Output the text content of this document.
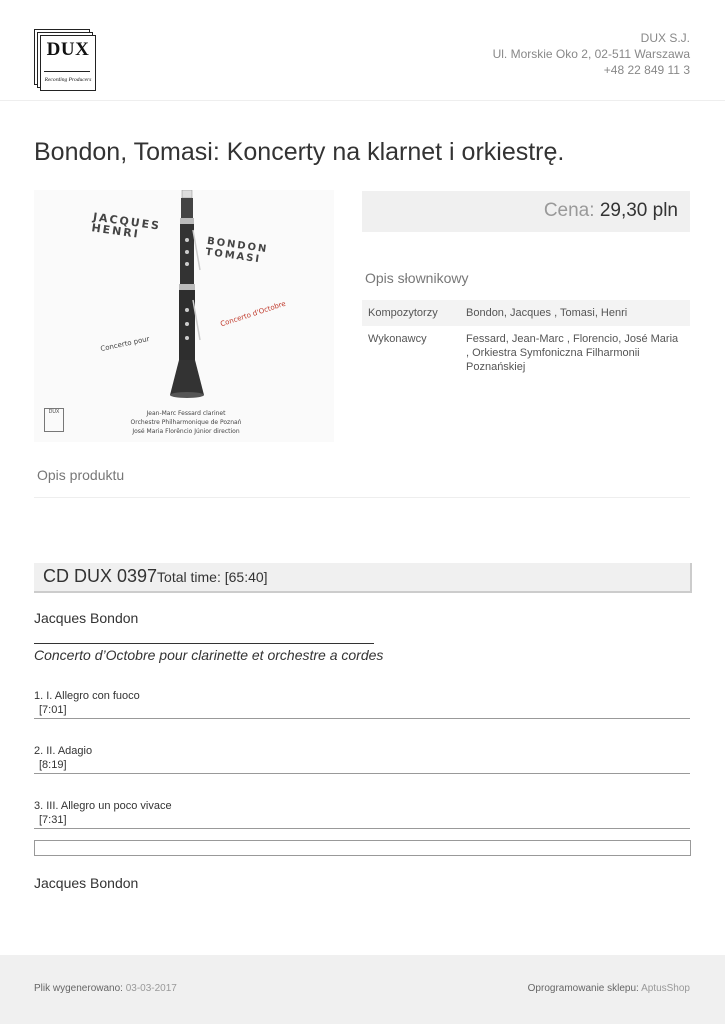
DUX
Recording Producers
DUX S.J.
Ul. Morskie Oko 2, 02-511 Warszawa
+48 22 849 11 3
Bondon, Tomasi: Koncerty na klarnet i orkiestrę.
JACQUES
HENRI
BONDON
TOMASI
Concerto d'Octobre
Concerto pour
DUX	Jean-Marc Fessard clarinet
Orchestre Philharmonique de Poznań
José Maria Florêncio Júnior direction
Cena: 29,30 pln
Opis słownikowy
Kompozytorzy	Bondon, Jacques , Tomasi, Henri
Wykonawcy	Fessard, Jean-Marc , Florencio, José Maria , Orkiestra Symfoniczna Filharmonii Poznańskiej
Opis produktu
CD DUX 0397Total time: [65:40]
Jacques Bondon
Concerto d’Octobre pour clarinette et orchestre a cordes
1. I. Allegro con fuoco
[7:01]
2. II. Adagio
[8:19]
3. III. Allegro un poco vivace
[7:31]
Jacques Bondon
Plik wygenerowano: 03-03-2017	Oprogramowanie sklepu: AptusShop
